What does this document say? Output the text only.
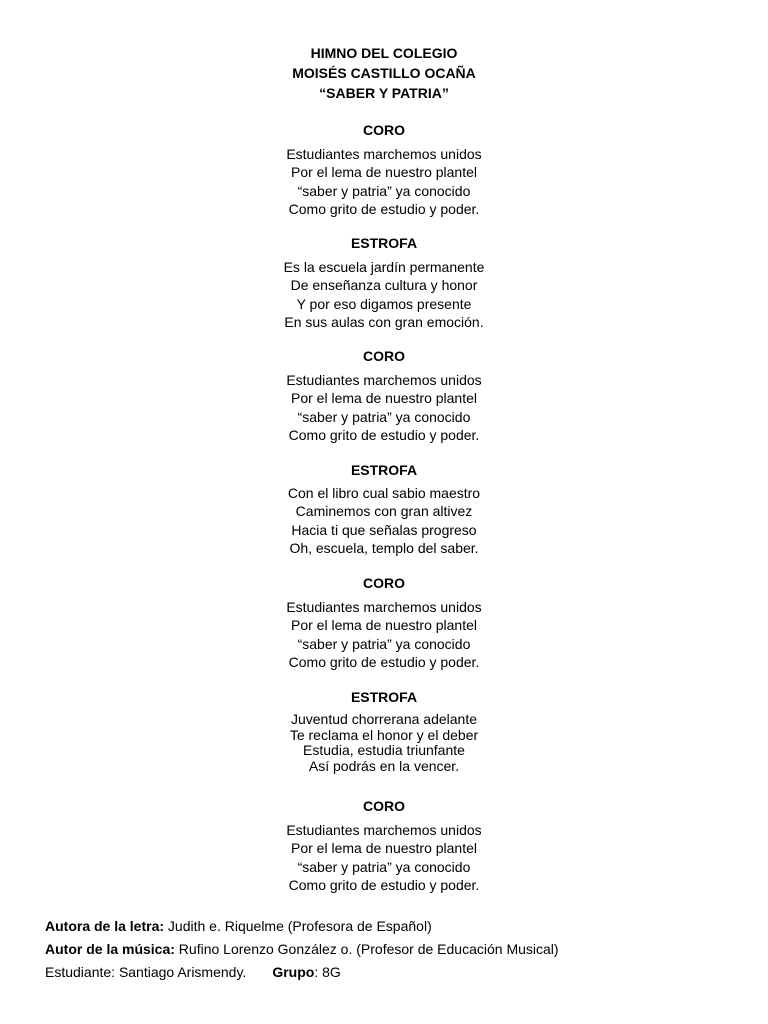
HIMNO DEL COLEGIO
MOISÉS CASTILLO OCAÑA
“SABER Y PATRIA”
CORO
Estudiantes marchemos unidos
Por el lema de nuestro plantel
“saber y patria” ya conocido
Como grito de estudio y poder.
ESTROFA
Es la escuela jardín permanente
De enseñanza cultura y honor
Y por eso digamos presente
En sus aulas con gran emoción.
CORO
Estudiantes marchemos unidos
Por el lema de nuestro plantel
“saber y patria” ya conocido
Como grito de estudio y poder.
ESTROFA
Con el libro cual sabio maestro
Caminemos con gran altivez
Hacia ti que señalas progreso
Oh, escuela, templo del saber.
CORO
Estudiantes marchemos unidos
Por el lema de nuestro plantel
“saber y patria” ya conocido
Como grito de estudio y poder.
ESTROFA
Juventud chorrerana adelante
Te reclama el honor y el deber
Estudia, estudia triunfante
Así podrás en la vencer.
CORO
Estudiantes marchemos unidos
Por el lema de nuestro plantel
“saber y patria” ya conocido
Como grito de estudio y poder.
Autora de la letra: Judith e. Riquelme (Profesora de Español)
Autor de la música: Rufino Lorenzo González o. (Profesor de Educación Musical)
Estudiante: Santiago Arismendy. Grupo: 8G
